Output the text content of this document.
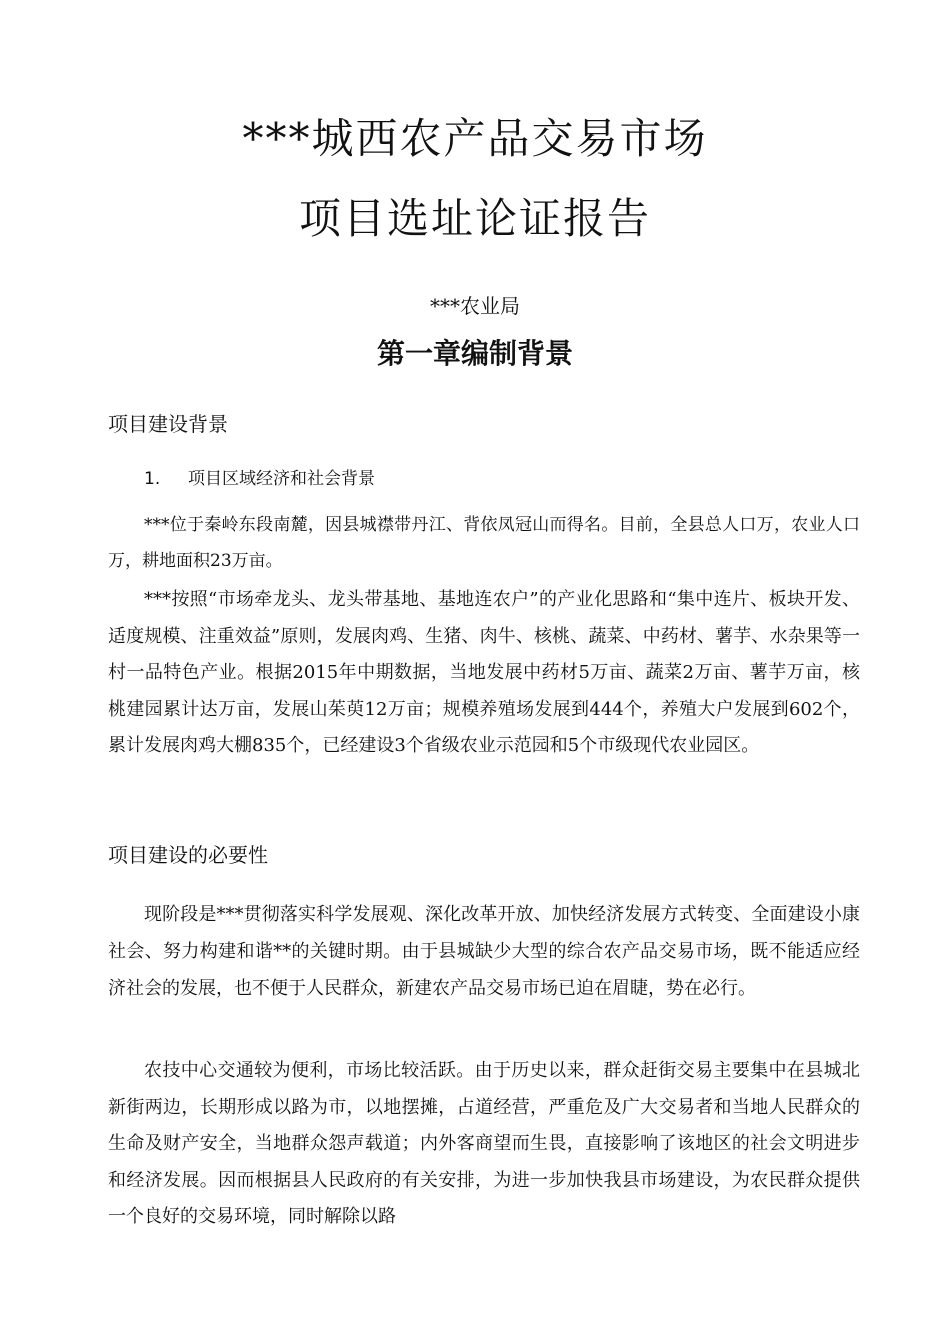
***城西农产品交易市场
项目选址论证报告
***农业局
第一章编制背景
项目建设背景
1. 项目区域经济和社会背景
***位于秦岭东段南麓，因县城襟带丹江、背依凤冠山而得名。目前，全县总人口万，农业人口万，耕地面积23万亩。
***按照“市场牵龙头、龙头带基地、基地连农户”的产业化思路和“集中连片、板块开发、适度规模、注重效益”原则，发展肉鸡、生猪、肉牛、核桃、蔬菜、中药材、薯芋、水杂果等一村一品特色产业。根据2015年中期数据，当地发展中药材5万亩、蔬菜2万亩、薯芋万亩，核桃建园累计达万亩，发展山茱萸12万亩；规模养殖场发展到444个，养殖大户发展到602个，累计发展肉鸡大棚835个，已经建设3个省级农业示范园和5个市级现代农业园区。
项目建设的必要性
现阶段是***贯彻落实科学发展观、深化改革开放、加快经济发展方式转变、全面建设小康社会、努力构建和谐**的关键时期。由于县城缺少大型的综合农产品交易市场，既不能适应经济社会的发展，也不便于人民群众，新建农产品交易市场已迫在眉睫，势在必行。
农技中心交通较为便利，市场比较活跃。由于历史以来，群众赶街交易主要集中在县城北新街两边，长期形成以路为市，以地摆摊，占道经营，严重危及广大交易者和当地人民群众的生命及财产安全，当地群众怨声载道；内外客商望而生畏，直接影响了该地区的社会文明进步和经济发展。因而根据县人民政府的有关安排，为进一步加快我县市场建设，为农民群众提供一个良好的交易环境，同时解除以路
